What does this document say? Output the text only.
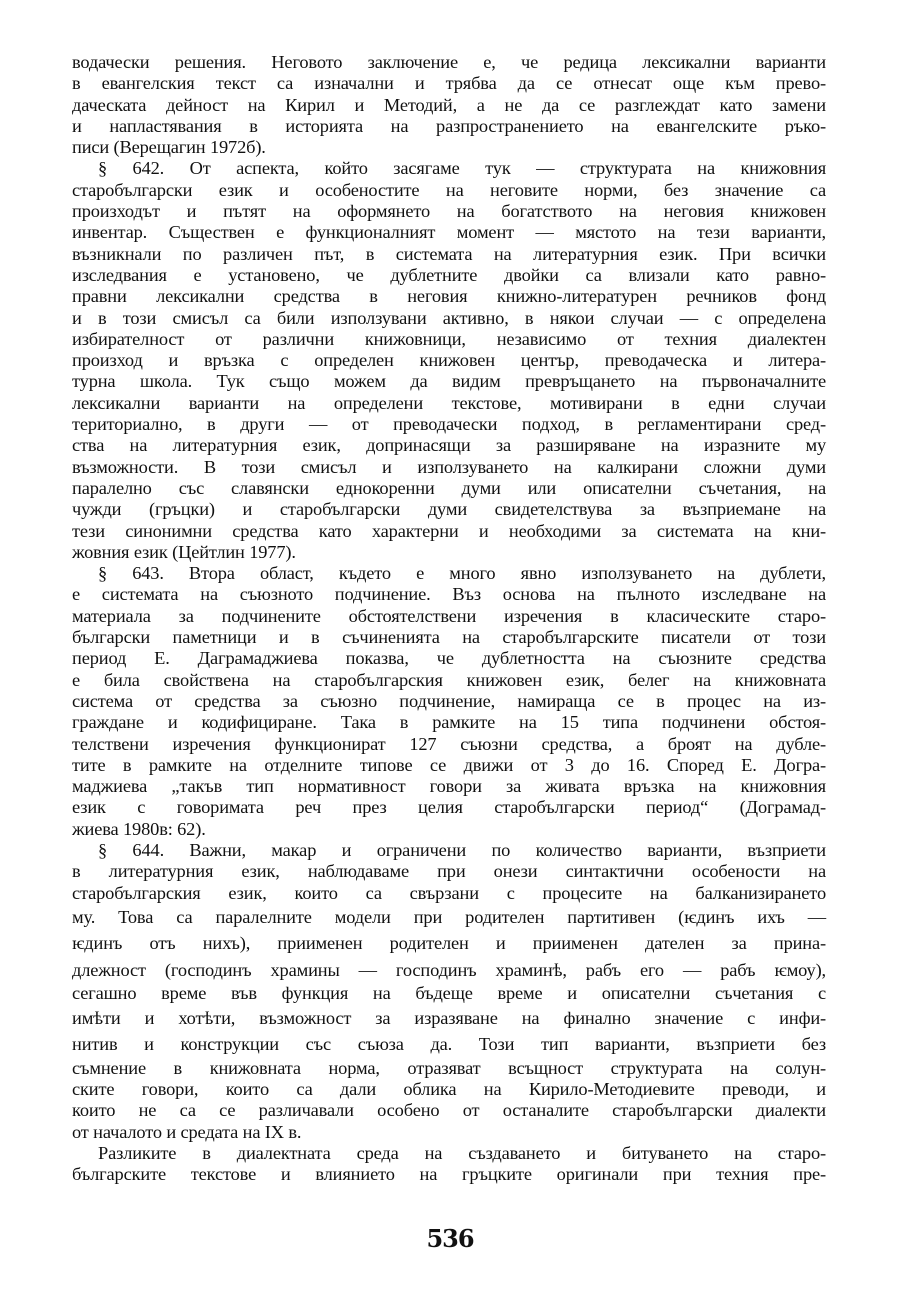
водачески решения. Неговото заключение е, че редица лексикални варианти
в евангелския текст са изначални и трябва да се отнесат още към прево-
даческата дейност на Кирил и Методий, а не да се разглеждат като замени
и напластявания в историята на разпространението на евангелските ръко-
писи (Верещагин 1972б).
§ 642. От аспекта, който засягаме тук — структурата на книжовния
старобългарски език и особеностите на неговите норми, без значение са
произходът и пътят на оформянето на богатството на неговия книжовен
инвентар. Съществен е функционалният момент — мястото на тези варианти,
възникнали по различен път, в системата на литературния език. При всички
изследвания е установено, че дублетните двойки са влизали като равно-
правни лексикални средства в неговия книжно-литературен речников фонд
и в този смисъл са били използувани активно, в някои случаи — с определена
избирателност от различни книжовници, независимо от техния диалектен
произход и връзка с определен книжовен център, преводаческа и литера-
турна школа. Тук също можем да видим превръщането на първоначалните
лексикални варианти на определени текстове, мотивирани в едни случаи
териториално, в други — от преводачески подход, в регламентирани сред-
ства на литературния език, допринасящи за разширяване на изразните му
възможности. В този смисъл и използуването на калкирани сложни думи
паралелно със славянски еднокоренни думи или описателни съчетания, на
чужди (гръцки) и старобългарски думи свидетелствува за възприемане на
тези синонимни средства като характерни и необходими за системата на кни-
жовния език (Цейтлин 1977).
§ 643. Втора област, където е много явно използуването на дублети,
е системата на съюзното подчинение. Въз основа на пълното изследване на
материала за подчинените обстоятелствени изречения в класическите старо-
български паметници и в съчиненията на старобългарските писатели от този
период Е. Даграмаджиева показва, че дублетността на съюзните средства
е била свойствена на старобългарския книжовен език, белег на книжовната
система от средства за съюзно подчинение, намираща се в процес на из-
граждане и кодифициране. Така в рамките на 15 типа подчинени обстоя-
телствени изречения функционират 127 съюзни средства, а броят на дубле-
тите в рамките на отделните типове се движи от 3 до 16. Според Е. Догра-
маджиева „такъв тип нормативност говори за живата връзка на книжовния
език с говоримата реч през целия старобългарски период“ (Дограмад-
жиева 1980в: 62).
§ 644. Важни, макар и ограничени по количество варианти, възприети
в литературния език, наблюдаваме при онези синтактични особености на
старобългарския език, които са свързани с процесите на балканизирането
му. Това са паралелните модели при родителен партитивен (ѥдинъ ихъ —
ѥдинъ отъ нихъ), приименен родителен и приименен дателен за прина-
длежност (господинъ храмины — господинъ храминѣ, рабъ его — рабъ ѥмоу),
сегашно време във функция на бъдеще време и описателни съчетания с
имѣти и хотѣти, възможност за изразяване на финално значение с инфи-
нитив и конструкции със съюза да. Този тип варианти, възприети без
съмнение в книжовната норма, отразяват всъщност структурата на солун-
ските говори, които са дали облика на Кирило-Методиевите преводи, и
които не са се различавали особено от останалите старобългарски диалекти
от началото и средата на IX в.
Разликите в диалектната среда на създаването и битуването на старо-
българските текстове и влиянието на гръцките оригинали при техния пре-
536
